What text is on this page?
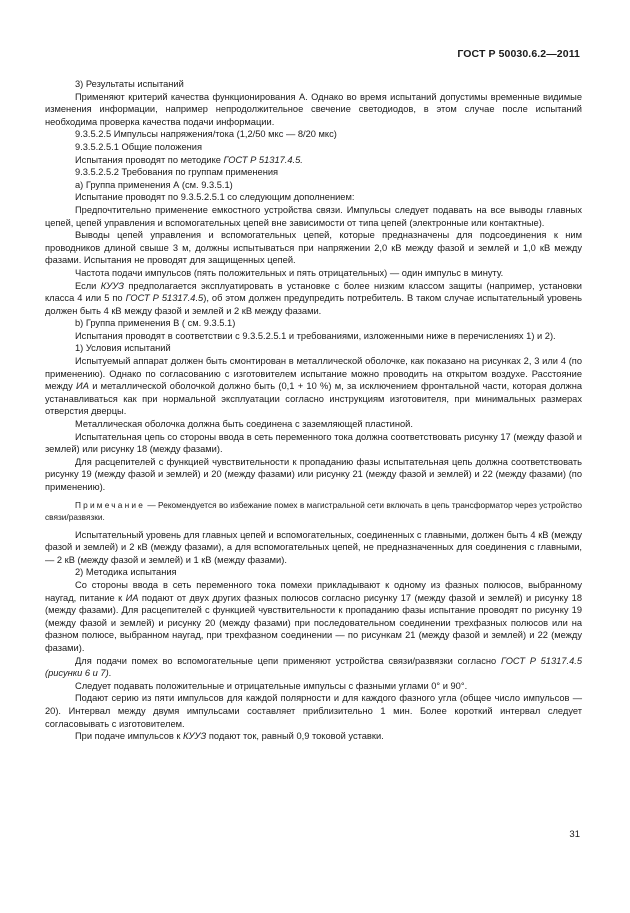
ГОСТ Р 50030.6.2—2011

3) Результаты испытаний

Применяют критерий качества функционирования А. Однако во время испытаний допустимы временные видимые изменения информации, например непродолжительное свечение светодиодов, в этом случае после испытаний необходима проверка качества подачи информации.

9.3.5.2.5 Импульсы напряжения/тока (1,2/50 мкс — 8/20 мкс)

9.3.5.2.5.1 Общие положения

Испытания проводят по методике ГОСТ Р 51317.4.5.

9.3.5.2.5.2 Требования по группам применения

а) Группа применения А (см. 9.3.5.1)

Испытание проводят по 9.3.5.2.5.1 со следующим дополнением:

Предпочтительно применение емкостного устройства связи. Импульсы следует подавать на все выводы главных цепей, цепей управления и вспомогательных цепей вне зависимости от типа цепей (электронные или контактные).

Выводы цепей управления и вспомогательных цепей, которые предназначены для подсоединения к ним проводников длиной свыше 3 м, должны испытываться при напряжении 2,0 кВ между фазой и землей и 1,0 кВ между фазами. Испытания не проводят для защищенных цепей.

Частота подачи импульсов (пять положительных и пять отрицательных) — один импульс в минуту.

Если КУУЗ предполагается эксплуатировать в установке с более низким классом защиты (например, установки класса 4 или 5 по ГОСТ Р 51317.4.5), об этом должен предупредить потребитель. В таком случае испытательный уровень должен быть 4 кВ между фазой и землей и 2 кВ между фазами.

b) Группа применения В ( см. 9.3.5.1)

Испытания проводят в соответствии с 9.3.5.2.5.1 и требованиями, изложенными ниже в перечислениях 1) и 2).

1) Условия испытаний

Испытуемый аппарат должен быть смонтирован в металлической оболочке, как показано на рисунках 2, 3 или 4 (по применению). Однако по согласованию с изготовителем испытание можно проводить на открытом воздухе. Расстояние между ИА и металлической оболочкой должно быть (0,1 + 10 %) м, за исключением фронтальной части, которая должна устанавливаться как при нормальной эксплуатации согласно инструкциям изготовителя, при минимальных размерах отверстия дверцы.

Металлическая оболочка должна быть соединена с заземляющей пластиной.

Испытательная цепь со стороны ввода в сеть переменного тока должна соответствовать рисунку 17 (между фазой и землей) или рисунку 18 (между фазами).

Для расцепителей с функцией чувствительности к пропаданию фазы испытательная цепь должна соответствовать рисунку 19 (между фазой и землей) и 20 (между фазами) или рисунку 21 (между фазой и землей) и 22 (между фазами) (по применению).

Примечание — Рекомендуется во избежание помех в магистральной сети включать в цепь трансформатор через устройство связи/развязки.

Испытательный уровень для главных цепей и вспомогательных, соединенных с главными, должен быть 4 кВ (между фазой и землей) и 2 кВ (между фазами), а для вспомогательных цепей, не предназначенных для соединения с главными, — 2 кВ (между фазой и землей) и 1 кВ (между фазами).

2) Методика испытания

Со стороны ввода в сеть переменного тока помехи прикладывают к одному из фазных полюсов, выбранному наугад, питание к ИА подают от двух других фазных полюсов согласно рисунку 17 (между фазой и землей) и рисунку 18 (между фазами). Для расцепителей с функцией чувствительности к пропаданию фазы испытание проводят по рисунку 19 (между фазой и землей) и рисунку 20 (между фазами) при последовательном соединении трехфазных полюсов или на фазном полюсе, выбранном наугад, при трехфазном соединении — по рисункам 21 (между фазой и землей) и 22 (между фазами).

Для подачи помех во вспомогательные цепи применяют устройства связи/развязки согласно ГОСТ Р 51317.4.5 (рисунки 6 и 7).

Следует подавать положительные и отрицательные импульсы с фазными углами 0° и 90°.

Подают серию из пяти импульсов для каждой полярности и для каждого фазного угла (общее число импульсов — 20). Интервал между двумя импульсами составляет приблизительно 1 мин. Более короткий интервал следует согласовывать с изготовителем.

При подаче импульсов к КУУЗ подают ток, равный 0,9 токовой уставки.

31
